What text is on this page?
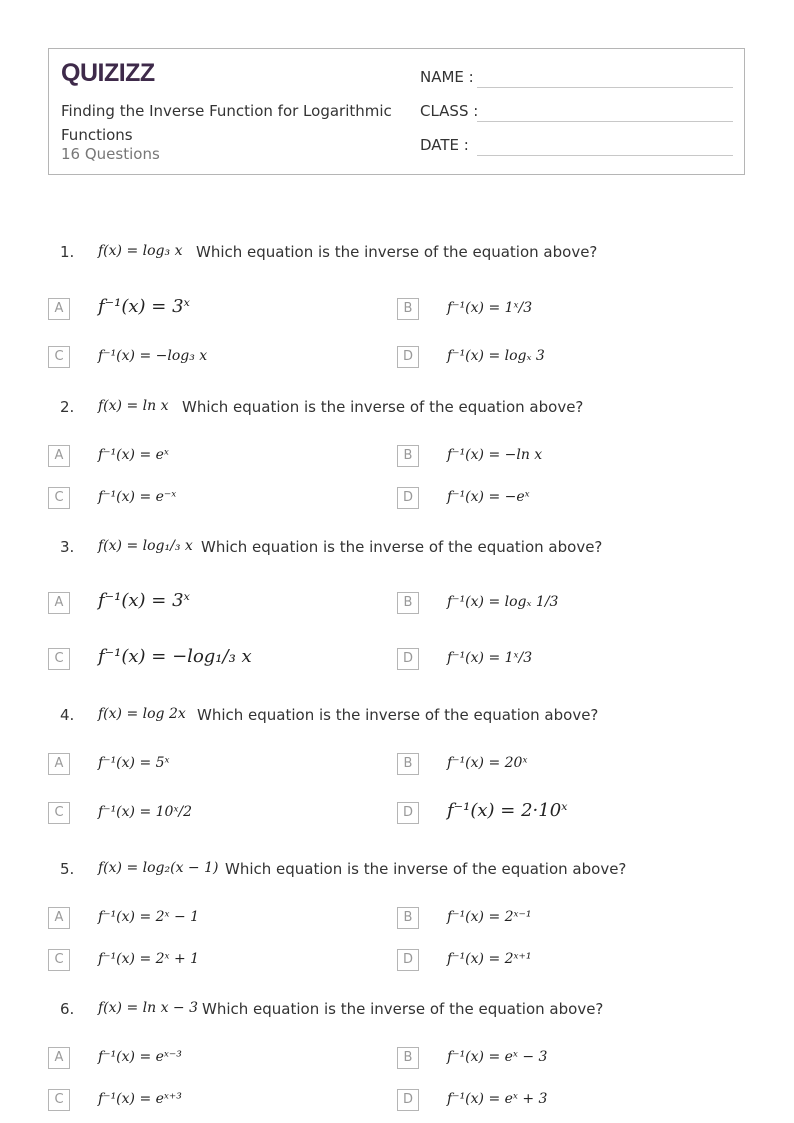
QUIZIZZ
Finding the Inverse Function for Logarithmic Functions
16 Questions
NAME :
CLASS :
DATE :
1. f(x) = log₃ x Which equation is the inverse of the equation above?
A	f⁻¹(x) = 3ˣ	B	f⁻¹(x) = 1ˣ/3
C	f⁻¹(x) = −log₃ x	D	f⁻¹(x) = logₓ 3
2. f(x) = ln x Which equation is the inverse of the equation above?
A	f⁻¹(x) = eˣ	B	f⁻¹(x) = −ln x
C	f⁻¹(x) = e⁻ˣ	D	f⁻¹(x) = −eˣ
3. f(x) = log₁/₃ x Which equation is the inverse of the equation above?
A	f⁻¹(x) = 3ˣ	B	f⁻¹(x) = logₓ 1/3
C	f⁻¹(x) = −log₁/₃ x	D	f⁻¹(x) = 1ˣ/3
4. f(x) = log 2x Which equation is the inverse of the equation above?
A	f⁻¹(x) = 5ˣ	B	f⁻¹(x) = 20ˣ
C	f⁻¹(x) = 10ˣ/2	D	f⁻¹(x) = 2·10ˣ
5. f(x) = log₂(x − 1) Which equation is the inverse of the equation above?
A	f⁻¹(x) = 2ˣ − 1	B	f⁻¹(x) = 2ˣ⁻¹
C	f⁻¹(x) = 2ˣ + 1	D	f⁻¹(x) = 2ˣ⁺¹
6. f(x) = ln x − 3 Which equation is the inverse of the equation above?
A	f⁻¹(x) = eˣ⁻³	B	f⁻¹(x) = eˣ − 3
C	f⁻¹(x) = eˣ⁺³	D	f⁻¹(x) = eˣ + 3
